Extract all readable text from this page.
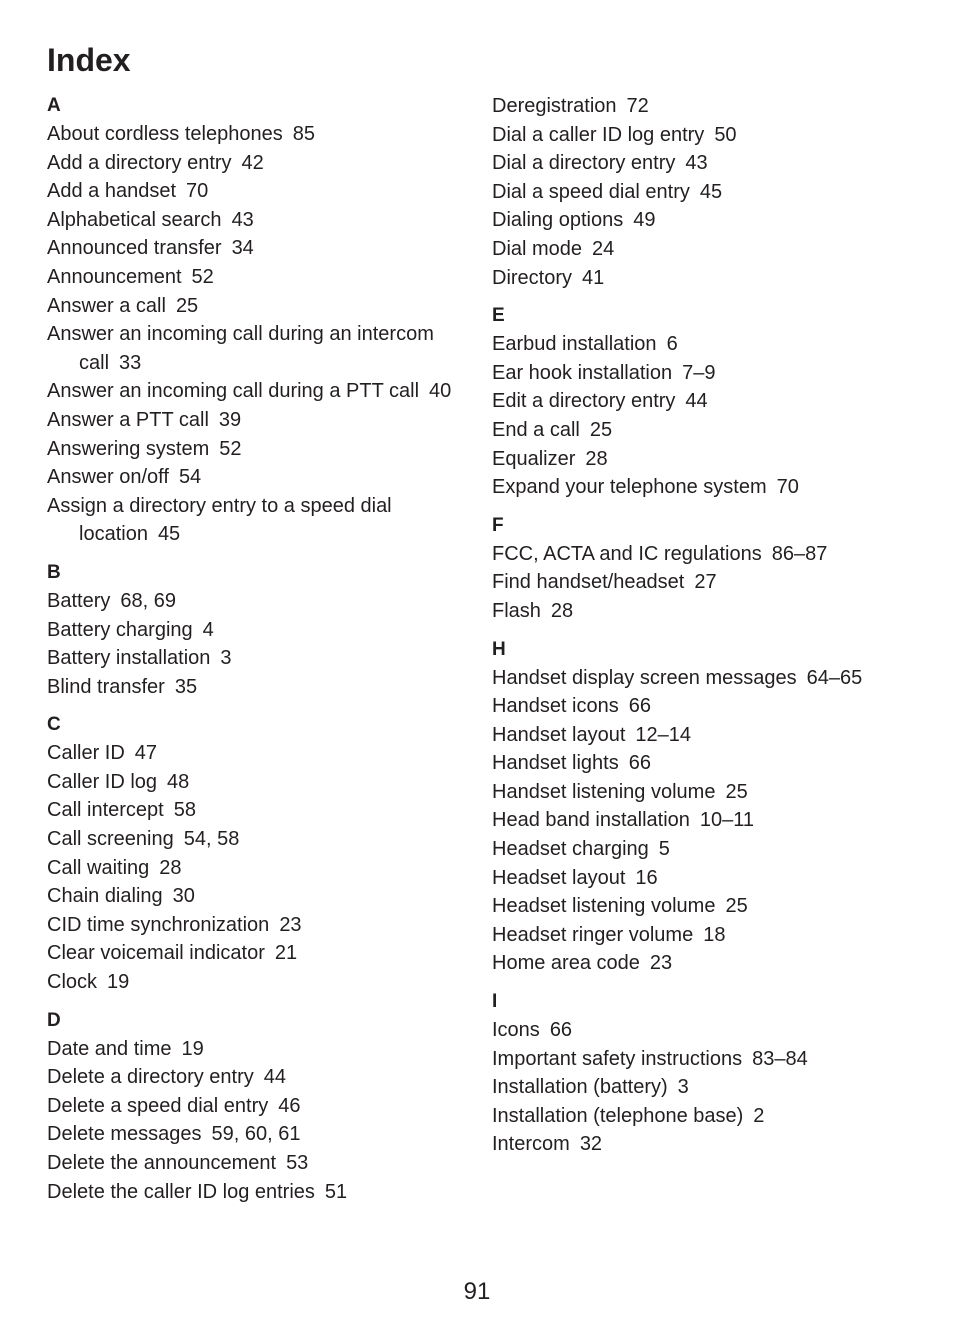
Index
A
About cordless telephones 85
Add a directory entry 42
Add a handset 70
Alphabetical search 43
Announced transfer 34
Announcement 52
Answer a call 25
Answer an incoming call during an intercom call 33
Answer an incoming call during a PTT call 40
Answer a PTT call 39
Answering system 52
Answer on/off 54
Assign a directory entry to a speed dial location 45
B
Battery 68, 69
Battery charging 4
Battery installation 3
Blind transfer 35
C
Caller ID 47
Caller ID log 48
Call intercept 58
Call screening 54, 58
Call waiting 28
Chain dialing 30
CID time synchronization 23
Clear voicemail indicator 21
Clock 19
D
Date and time 19
Delete a directory entry 44
Delete a speed dial entry 46
Delete messages 59, 60, 61
Delete the announcement 53
Delete the caller ID log entries 51
Deregistration 72
Dial a caller ID log entry 50
Dial a directory entry 43
Dial a speed dial entry 45
Dialing options 49
Dial mode 24
Directory 41
E
Earbud installation 6
Ear hook installation 7–9
Edit a directory entry 44
End a call 25
Equalizer 28
Expand your telephone system 70
F
FCC, ACTA and IC regulations 86–87
Find handset/headset 27
Flash 28
H
Handset display screen messages 64–65
Handset icons 66
Handset layout 12–14
Handset lights 66
Handset listening volume 25
Head band installation 10–11
Headset charging 5
Headset layout 16
Headset listening volume 25
Headset ringer volume 18
Home area code 23
I
Icons 66
Important safety instructions 83–84
Installation (battery) 3
Installation (telephone base) 2
Intercom 32
91
